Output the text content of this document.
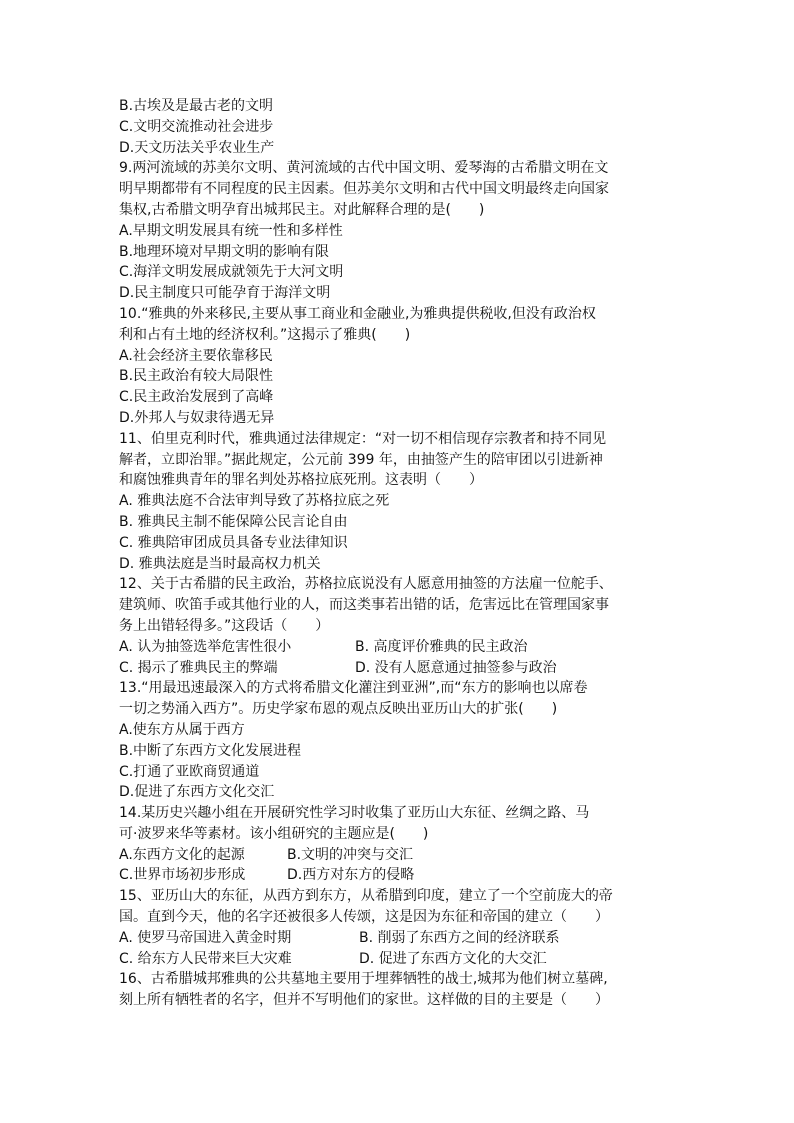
B.古埃及是最古老的文明
C.文明交流推动社会进步
D.天文历法关乎农业生产
9.两河流域的苏美尔文明、黄河流域的古代中国文明、爱琴海的古希腊文明在文
明早期都带有不同程度的民主因素。但苏美尔文明和古代中国文明最终走向国家
集权,古希腊文明孕育出城邦民主。对此解释合理的是(　　)
A.早期文明发展具有统一性和多样性
B.地理环境对早期文明的影响有限
C.海洋文明发展成就领先于大河文明
D.民主制度只可能孕育于海洋文明
10.“雅典的外来移民,主要从事工商业和金融业,为雅典提供税收,但没有政治权
利和占有土地的经济权利。”这揭示了雅典(　　)
A.社会经济主要依靠移民
B.民主政治有较大局限性
C.民主政治发展到了高峰
D.外邦人与奴隶待遇无异
11、伯里克利时代，雅典通过法律规定：“对一切不相信现存宗教者和持不同见
解者，立即治罪。”据此规定，公元前 399 年，由抽签产生的陪审团以引进新神
和腐蚀雅典青年的罪名判处苏格拉底死刑。这表明（　　）
A. 雅典法庭不合法审判导致了苏格拉底之死
B. 雅典民主制不能保障公民言论自由
C. 雅典陪审团成员具备专业法律知识
D. 雅典法庭是当时最高权力机关
12、关于古希腊的民主政治，苏格拉底说没有人愿意用抽签的方法雇一位舵手、
建筑师、吹笛手或其他行业的人，而这类事若出错的话，危害远比在管理国家事
务上出错轻得多。”这段话（　　）
A. 认为抽签选举危害性很小	B. 高度评价雅典的民主政治
C. 揭示了雅典民主的弊端	D. 没有人愿意通过抽签参与政治
13.“用最迅速最深入的方式将希腊文化灌注到亚洲”,而“东方的影响也以席卷
一切之势涌入西方”。历史学家布恩的观点反映出亚历山大的扩张(　　)
A.使东方从属于西方
B.中断了东西方文化发展进程
C.打通了亚欧商贸通道
D.促进了东西方文化交汇
14.某历史兴趣小组在开展研究性学习时收集了亚历山大东征、丝绸之路、马
可·波罗来华等素材。该小组研究的主题应是(　　)
A.东西方文化的起源	B.文明的冲突与交汇
C.世界市场初步形成	D.西方对东方的侵略
15、亚历山大的东征，从西方到东方，从希腊到印度，建立了一个空前庞大的帝
国。直到今天，他的名字还被很多人传颂，这是因为东征和帝国的建立（　　）
A. 使罗马帝国进入黄金时期	B. 削弱了东西方之间的经济联系
C. 给东方人民带来巨大灾难	D. 促进了东西方文化的大交汇
16、古希腊城邦雅典的公共墓地主要用于埋葬牺牲的战士,城邦为他们树立墓碑,
刻上所有牺牲者的名字，但并不写明他们的家世。这样做的目的主要是（　　）
